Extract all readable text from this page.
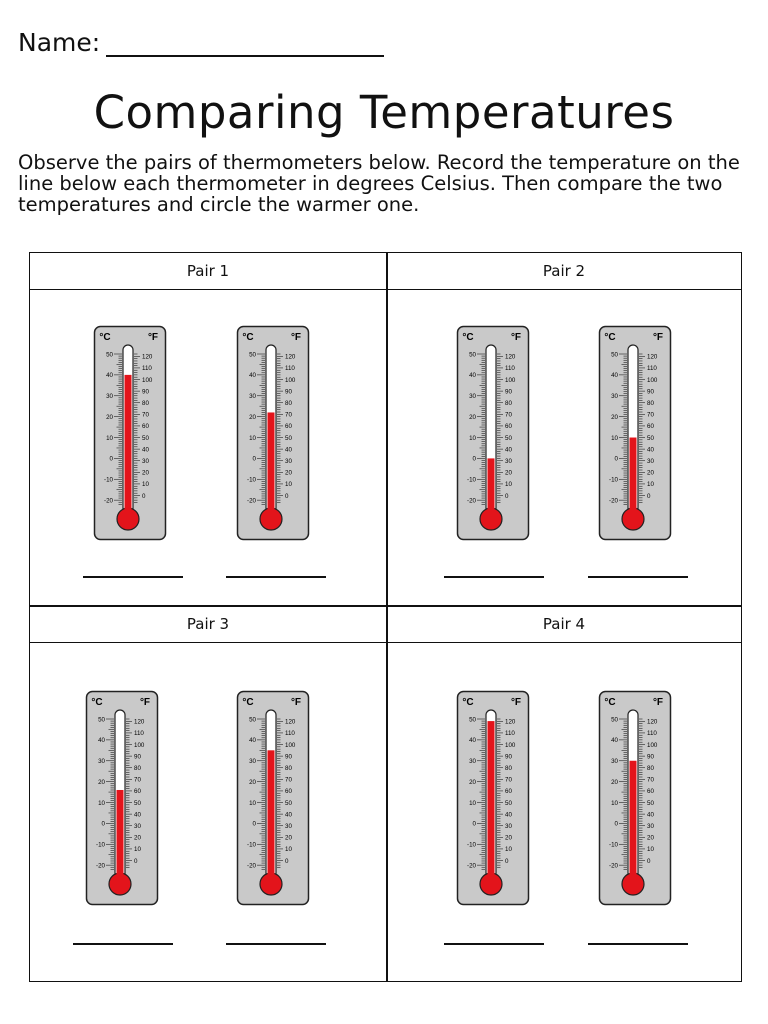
Name:
Comparing Temperatures

Observe the pairs of thermometers below. Record the temperature on the line below each thermometer in degrees Celsius. Then compare the two temperatures and circle the warmer one.

Pair 1	Pair 2
Pair 3	Pair 4
°C	°F
50
40
30
20
10
0
-10
-20
120
110
100
90
80
70
60
50
40
30
20
10
0
°C	°F
50
40
30
20
10
0
-10
-20
120
110
100
90
80
70
60
50
40
30
20
10
0
°C	°F
50
40
30
20
10
0
-10
-20
120
110
100
90
80
70
60
50
40
30
20
10
0
°C	°F
50
40
30
20
10
0
-10
-20
120
110
100
90
80
70
60
50
40
30
20
10
0
°C	°F
50
40
30
20
10
0
-10
-20
120
110
100
90
80
70
60
50
40
30
20
10
0
°C	°F
50
40
30
20
10
0
-10
-20
120
110
100
90
80
70
60
50
40
30
20
10
0
°C	°F
50
40
30
20
10
0
-10
-20
120
110
100
90
80
70
60
50
40
30
20
10
0
°C	°F
50
40
30
20
10
0
-10
-20
120
110
100
90
80
70
60
50
40
30
20
10
0
